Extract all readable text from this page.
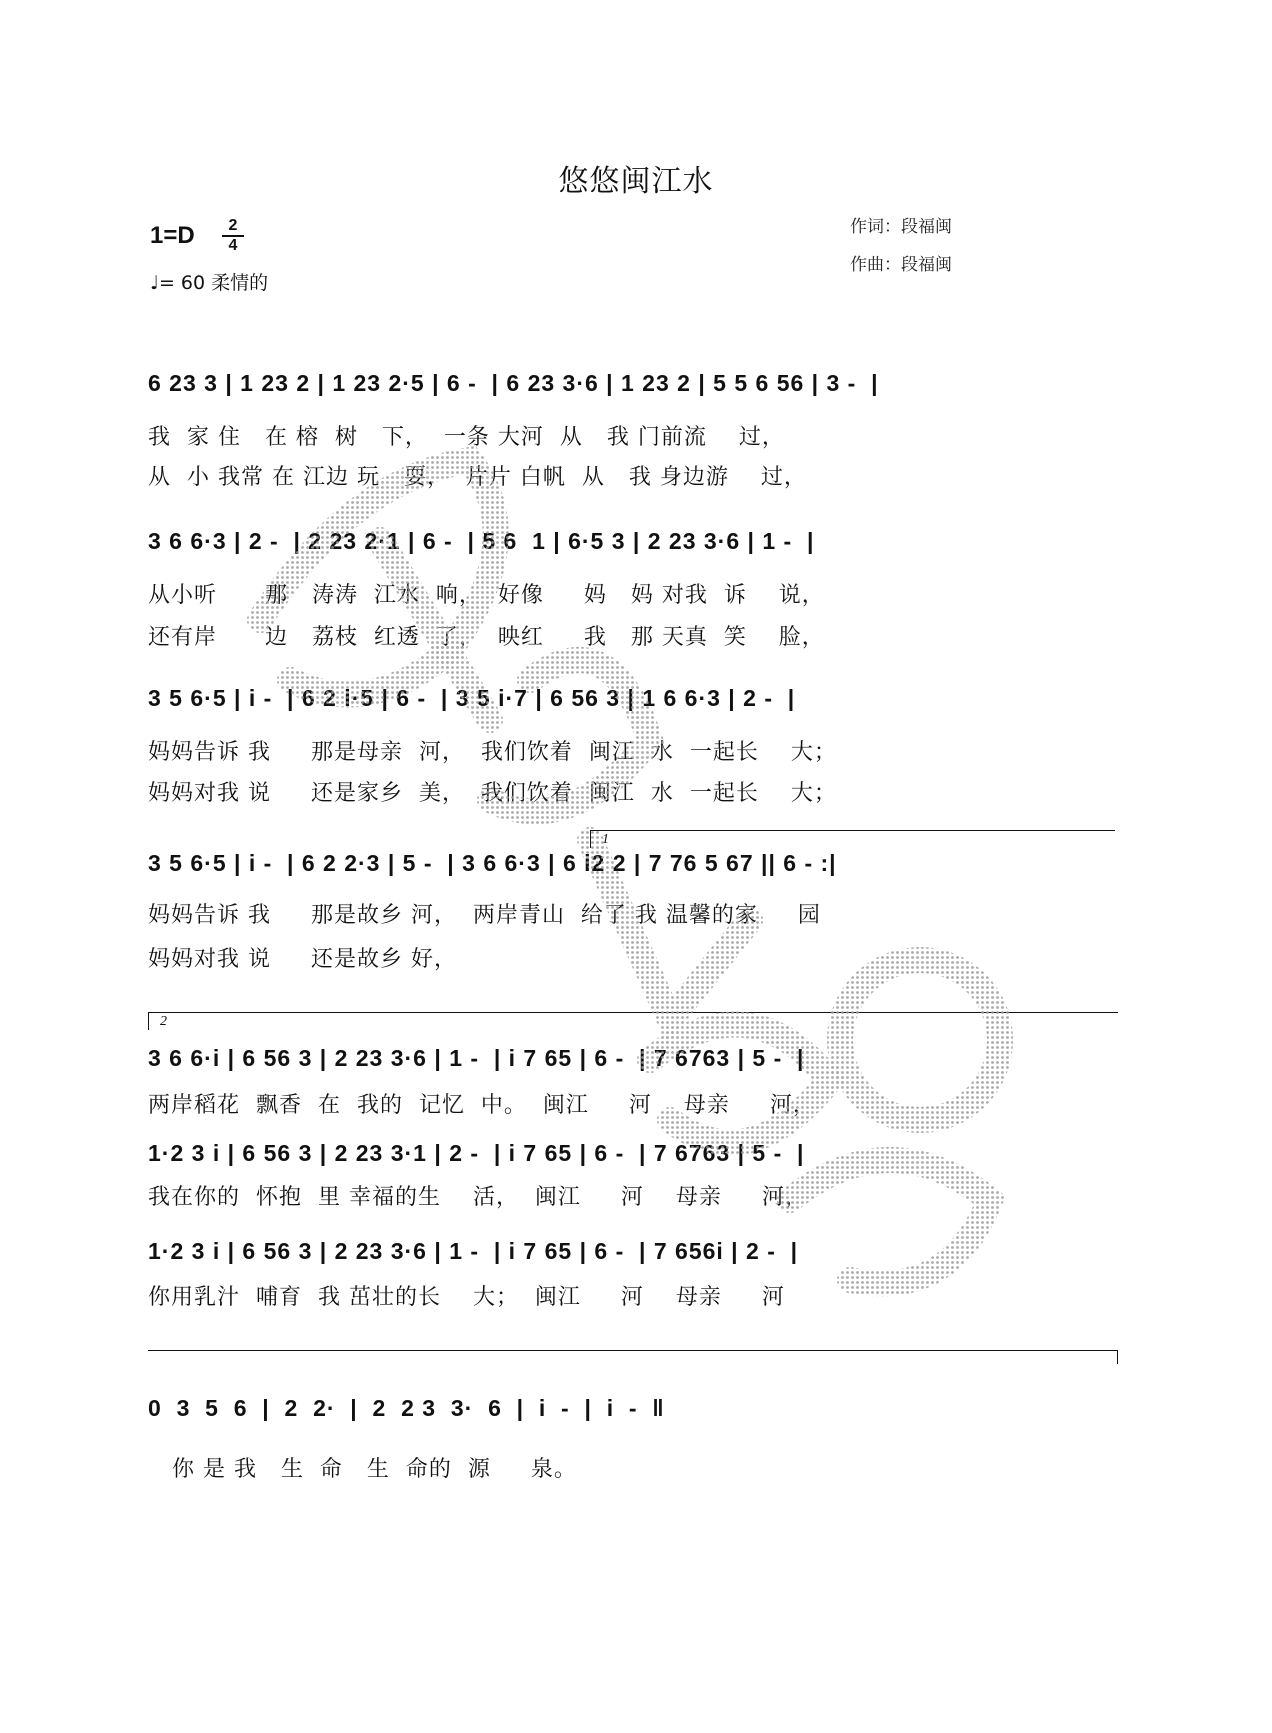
悠悠闽江水
1=D	2
4
♩= 60 柔情的
作词：段福闽
作曲：段福闽

6 23 3 | 1 23 2 | 1 23 2·5 | 6 -  | 6 23 3·6 | 1 23 2 | 5 5 6 56 | 3 -  |

我  家 住   在 榕  树   下，  一条 大河  从   我 门前流    过，
从  小 我常 在 江边 玩   耍，  片片 白帆  从   我 身边游    过，

3 6 6·3 | 2 -  | 2 23 2·1 | 6 -  | 5 6  1 | 6·5 3 | 2 23 3·6 | 1 -  |

从小听      那   涛涛  江水  响，  好像     妈   妈 对我  诉    说，
还有岸      边   荔枝  红透  了，  映红     我   那 天真  笑    脸，

3 5 6·5 | i -  | 6 2 i·5 | 6 -  | 3 5 i·7 | 6 56 3 | 1 6 6·3 | 2 -  |

妈妈告诉 我     那是母亲  河，  我们饮着  闽江  水  一起长    大；
妈妈对我 说     还是家乡  美，  我们饮着  闽江  水  一起长    大；
1

3 5 6·5 | i -  | 6 2 2·3 | 5 -  | 3 6 6·3 | 6 i2 2 | 7 76 5 67 || 6 - :|

妈妈告诉 我     那是故乡 河，  两岸青山  给了 我 温馨的家     园
妈妈对我 说     还是故乡 好，
2

3 6 6·i | 6 56 3 | 2 23 3·6 | 1 -  | i 7 65 | 6 -  | 7 6763 | 5 -  |

两岸稻花  飘香  在  我的  记忆  中。  闽江     河    母亲     河，

1·2 3 i | 6 56 3 | 2 23 3·1 | 2 -  | i 7 65 | 6 -  | 7 6763 | 5 -  |

我在你的  怀抱  里 幸福的生    活，  闽江     河    母亲     河，

1·2 3 i | 6 56 3 | 2 23 3·6 | 1 -  | i 7 65 | 6 -  | 7 656i | 2 -  |

你用乳汁  哺育  我 茁壮的长    大；  闽江     河    母亲     河

0  3  5  6  |  2  2·  |  2  2 3  3·  6  |  i  -  |  i  -  ‖

你 是 我   生  命   生  命的  源     泉。
